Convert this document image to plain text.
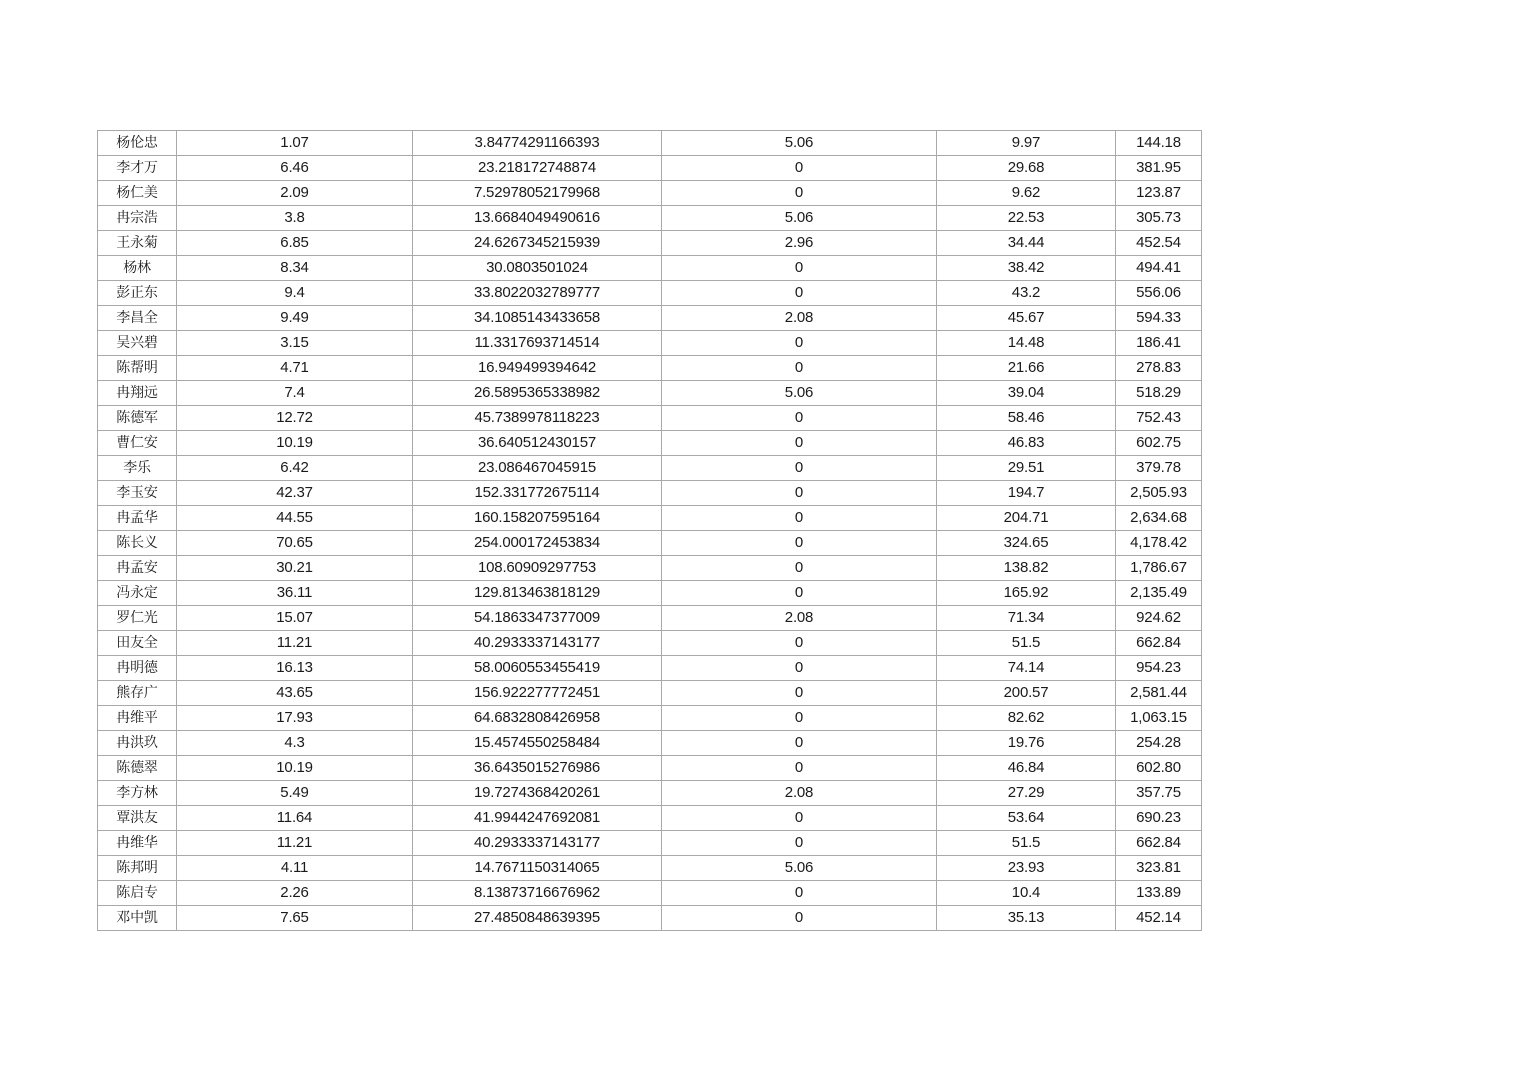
杨伦忠	1.07	3.84774291166393	5.06	9.97	144.18
李才万	6.46	23.218172748874	0	29.68	381.95
杨仁美	2.09	7.52978052179968	0	9.62	123.87
冉宗浩	3.8	13.6684049490616	5.06	22.53	305.73
王永菊	6.85	24.6267345215939	2.96	34.44	452.54
杨林	8.34	30.0803501024	0	38.42	494.41
彭正东	9.4	33.8022032789777	0	43.2	556.06
李昌全	9.49	34.1085143433658	2.08	45.67	594.33
吴兴碧	3.15	11.3317693714514	0	14.48	186.41
陈帮明	4.71	16.949499394642	0	21.66	278.83
冉翔远	7.4	26.5895365338982	5.06	39.04	518.29
陈德军	12.72	45.7389978118223	0	58.46	752.43
曹仁安	10.19	36.640512430157	0	46.83	602.75
李乐	6.42	23.086467045915	0	29.51	379.78
李玉安	42.37	152.331772675114	0	194.7	2,505.93
冉孟华	44.55	160.158207595164	0	204.71	2,634.68
陈长义	70.65	254.000172453834	0	324.65	4,178.42
冉孟安	30.21	108.60909297753	0	138.82	1,786.67
冯永定	36.11	129.813463818129	0	165.92	2,135.49
罗仁光	15.07	54.1863347377009	2.08	71.34	924.62
田友全	11.21	40.2933337143177	0	51.5	662.84
冉明德	16.13	58.0060553455419	0	74.14	954.23
熊存广	43.65	156.922277772451	0	200.57	2,581.44
冉维平	17.93	64.6832808426958	0	82.62	1,063.15
冉洪玖	4.3	15.4574550258484	0	19.76	254.28
陈德翠	10.19	36.6435015276986	0	46.84	602.80
李方林	5.49	19.7274368420261	2.08	27.29	357.75
覃洪友	11.64	41.9944247692081	0	53.64	690.23
冉维华	11.21	40.2933337143177	0	51.5	662.84
陈邦明	4.11	14.7671150314065	5.06	23.93	323.81
陈启专	2.26	8.13873716676962	0	10.4	133.89
邓中凯	7.65	27.4850848639395	0	35.13	452.14
